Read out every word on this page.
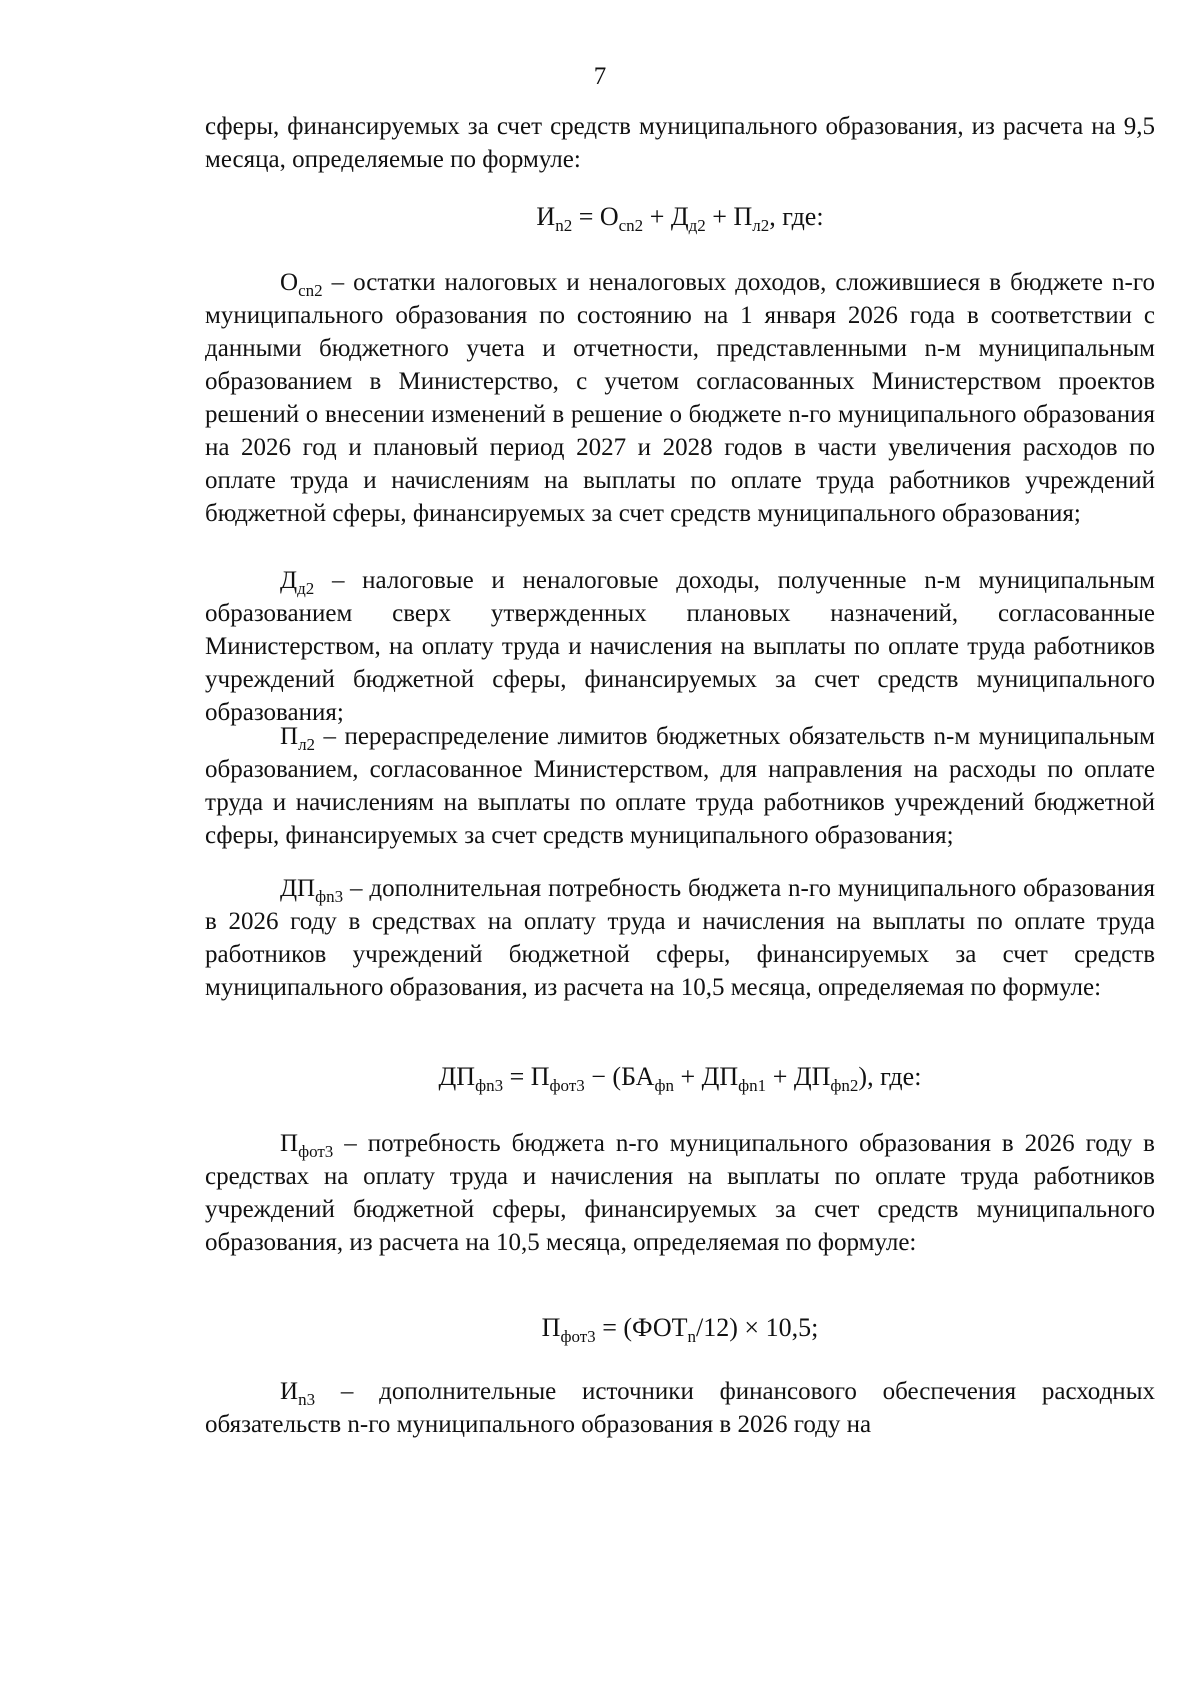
7

сферы, финансируемых за счет средств муниципального образования, из расчета на 9,5 месяца, определяемые по формуле:

$И_{n2} = О_{сn2} + Д_{д2} + П_{л2}$, где:

$О_{сn2}$ – остатки налоговых и неналоговых доходов, сложившиеся в бюджете n-го муниципального образования по состоянию на 1 января 2026 года в соответствии с данными бюджетного учета и отчетности, представленными n-м муниципальным образованием в Министерство, с учетом согласованных Министерством проектов решений о внесении изменений в решение о бюджете n-го муниципального образования на 2026 год и плановый период 2027 и 2028 годов в части увеличения расходов по оплате труда и начислениям на выплаты по оплате труда работников учреждений бюджетной сферы, финансируемых за счет средств муниципального образования;

$Д_{д2}$ – налоговые и неналоговые доходы, полученные n-м муниципальным образованием сверх утвержденных плановых назначений, согласованные Министерством, на оплату труда и начисления на выплаты по оплате труда работников учреждений бюджетной сферы, финансируемых за счет средств муниципального образования;

$П_{л2}$ – перераспределение лимитов бюджетных обязательств n-м муниципальным образованием, согласованное Министерством, для направления на расходы по оплате труда и начислениям на выплаты по оплате труда работников учреждений бюджетной сферы, финансируемых за счет средств муниципального образования;

$ДП_{фn3}$ – дополнительная потребность бюджета n-го муниципального образования в 2026 году в средствах на оплату труда и начисления на выплаты по оплате труда работников учреждений бюджетной сферы, финансируемых за счет средств муниципального образования, из расчета на 10,5 месяца, определяемая по формуле:

$ДП_{фn3} = П_{фот3} - (БА_{фn} + ДП_{фn1} + ДП_{фn2})$, где:

$П_{фот3}$ – потребность бюджета n-го муниципального образования в 2026 году в средствах на оплату труда и начисления на выплаты по оплате труда работников учреждений бюджетной сферы, финансируемых за счет средств муниципального образования, из расчета на 10,5 месяца, определяемая по формуле:

$П_{фот3} = (ФОТ_n/12) \times 10,5$;

$И_{n3}$ – дополнительные источники финансового обеспечения расходных обязательств n-го муниципального образования в 2026 году на
